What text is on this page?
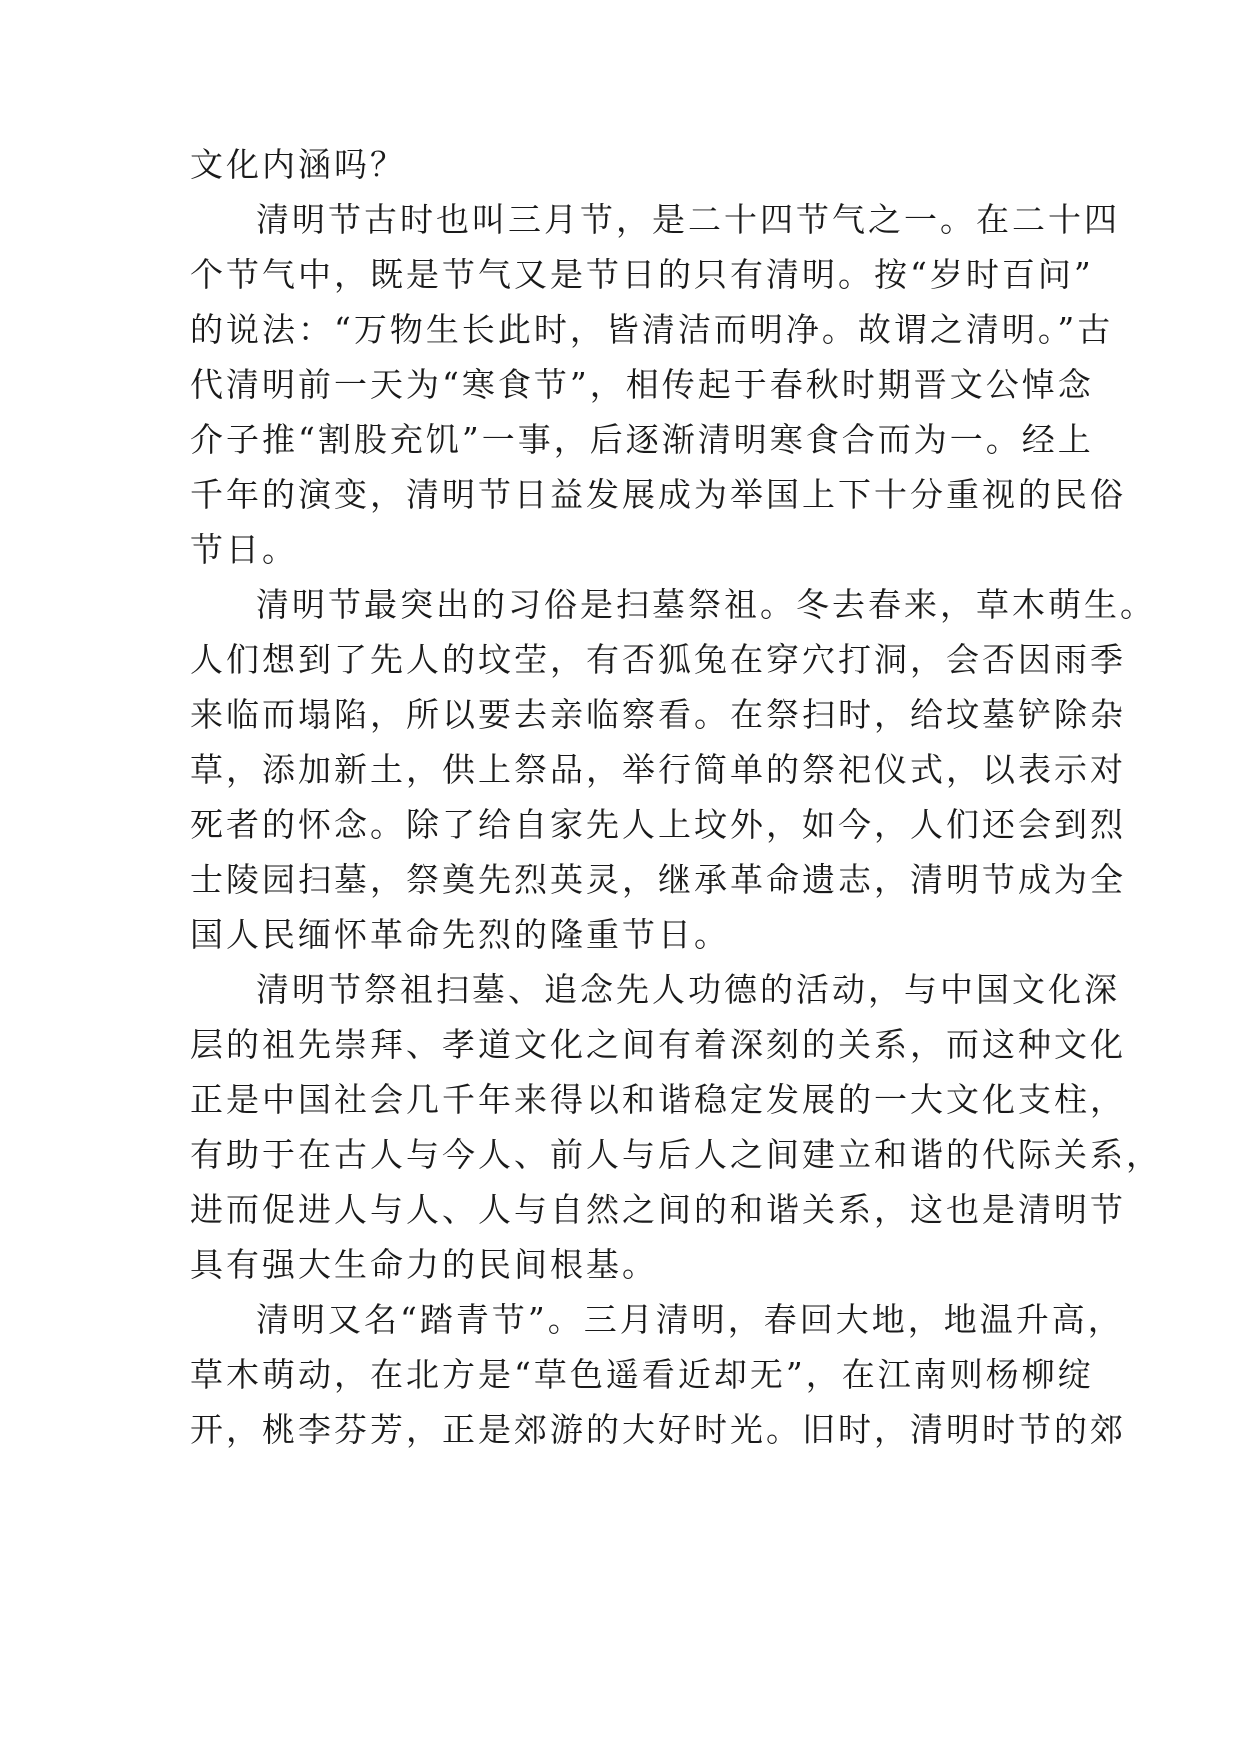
文化内涵吗？

清明节古时也叫三月节，是二十四节气之一。在二十四

个节气中，既是节气又是节日的只有清明。按“岁时百问”

的说法：“万物生长此时，皆清洁而明净。故谓之清明。”古

代清明前一天为“寒食节”，相传起于春秋时期晋文公悼念

介子推“割股充饥”一事，后逐渐清明寒食合而为一。经上

千年的演变，清明节日益发展成为举国上下十分重视的民俗

节日。

清明节最突出的习俗是扫墓祭祖。冬去春来，草木萌生。

人们想到了先人的坟茔，有否狐兔在穿穴打洞，会否因雨季

来临而塌陷，所以要去亲临察看。在祭扫时，给坟墓铲除杂

草，添加新土，供上祭品，举行简单的祭祀仪式，以表示对

死者的怀念。除了给自家先人上坟外，如今，人们还会到烈

士陵园扫墓，祭奠先烈英灵，继承革命遗志，清明节成为全

国人民缅怀革命先烈的隆重节日。

清明节祭祖扫墓、追念先人功德的活动，与中国文化深

层的祖先崇拜、孝道文化之间有着深刻的关系，而这种文化

正是中国社会几千年来得以和谐稳定发展的一大文化支柱，

有助于在古人与今人、前人与后人之间建立和谐的代际关系，

进而促进人与人、人与自然之间的和谐关系，这也是清明节

具有强大生命力的民间根基。

清明又名“踏青节”。三月清明，春回大地，地温升高，

草木萌动，在北方是“草色遥看近却无”，在江南则杨柳绽

开，桃李芬芳，正是郊游的大好时光。旧时，清明时节的郊
